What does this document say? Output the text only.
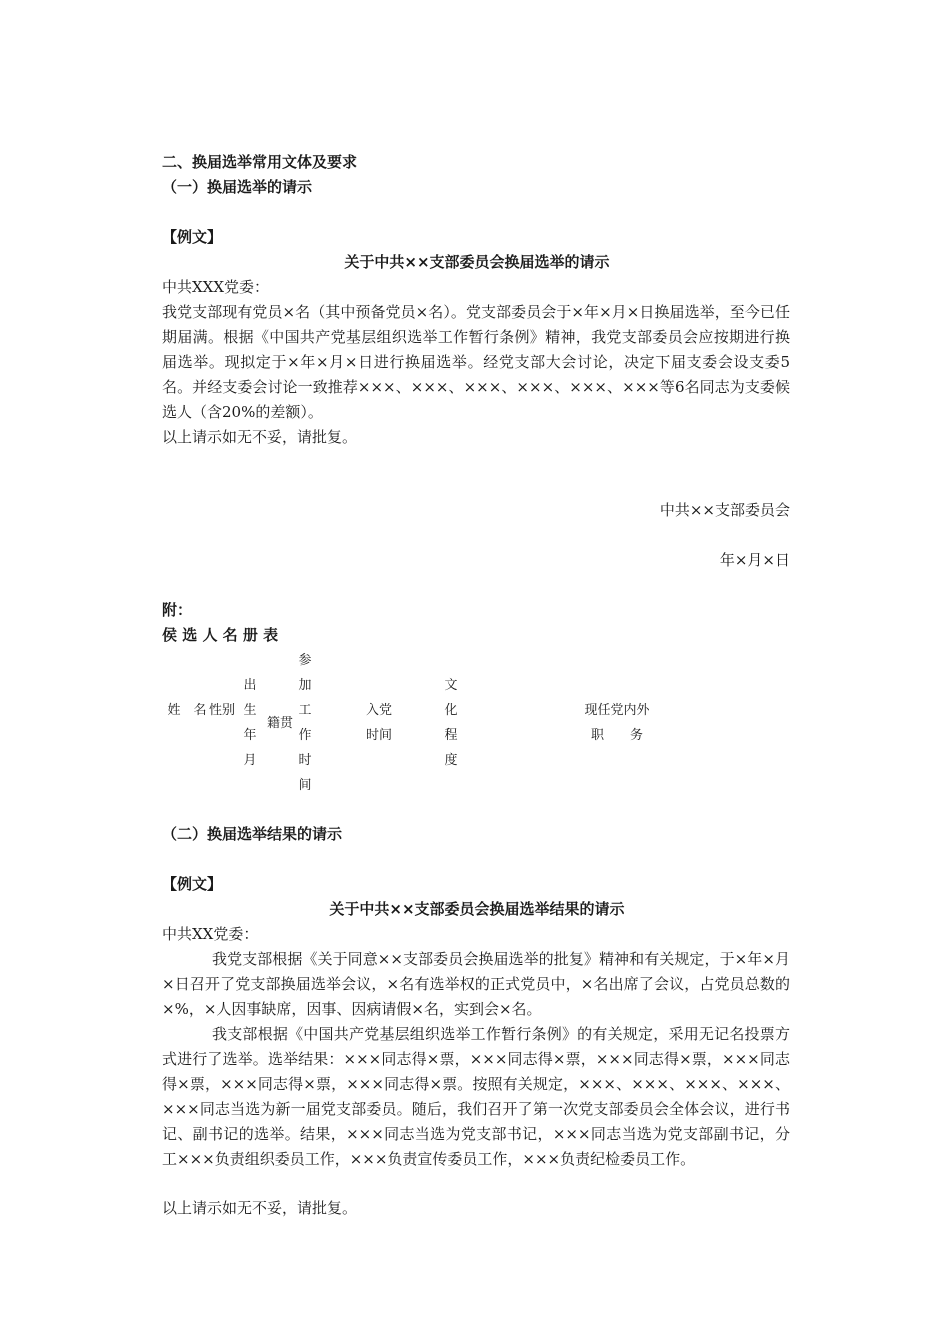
二、换届选举常用文体及要求
（一）换届选举的请示
【例文】
关于中共××支部委员会换届选举的请示
中共XXX党委：
我党支部现有党员×名（其中预备党员×名）。党支部委员会于×年×月×日换届选举，至今已任期届满。根据《中国共产党基层组织选举工作暂行条例》精神，我党支部委员会应按期进行换届选举。现拟定于×年×月×日进行换届选举。经党支部大会讨论，决定下届支委会设支委5名。并经支委会讨论一致推荐×××、×××、×××、×××、×××、×××等6名同志为支委候选人（含20%的差额）。
以上请示如无不妥，请批复。
中共××支部委员会
年×月×日
附：
侯 选 人 名 册 表
姓　名 性别
出生年月
籍贯
参加工作时间
入党
时间
文化程度
现任党内外
职　　务
（二）换届选举结果的请示
【例文】
关于中共××支部委员会换届选举结果的请示
中共XX党委：
我党支部根据《关于同意××支部委员会换届选举的批复》精神和有关规定，于×年×月×日召开了党支部换届选举会议，×名有选举权的正式党员中，×名出席了会议，占党员总数的×%，×人因事缺席，因事、因病请假×名，实到会×名。
我支部根据《中国共产党基层组织选举工作暂行条例》的有关规定，采用无记名投票方式进行了选举。选举结果：×××同志得×票，×××同志得×票，×××同志得×票，×××同志得×票，×××同志得×票，×××同志得×票。按照有关规定，×××、×××、×××、×××、×××同志当选为新一届党支部委员。随后，我们召开了第一次党支部委员会全体会议，进行书记、副书记的选举。结果，×××同志当选为党支部书记，×××同志当选为党支部副书记，分工×××负责组织委员工作，×××负责宣传委员工作，×××负责纪检委员工作。
以上请示如无不妥，请批复。
